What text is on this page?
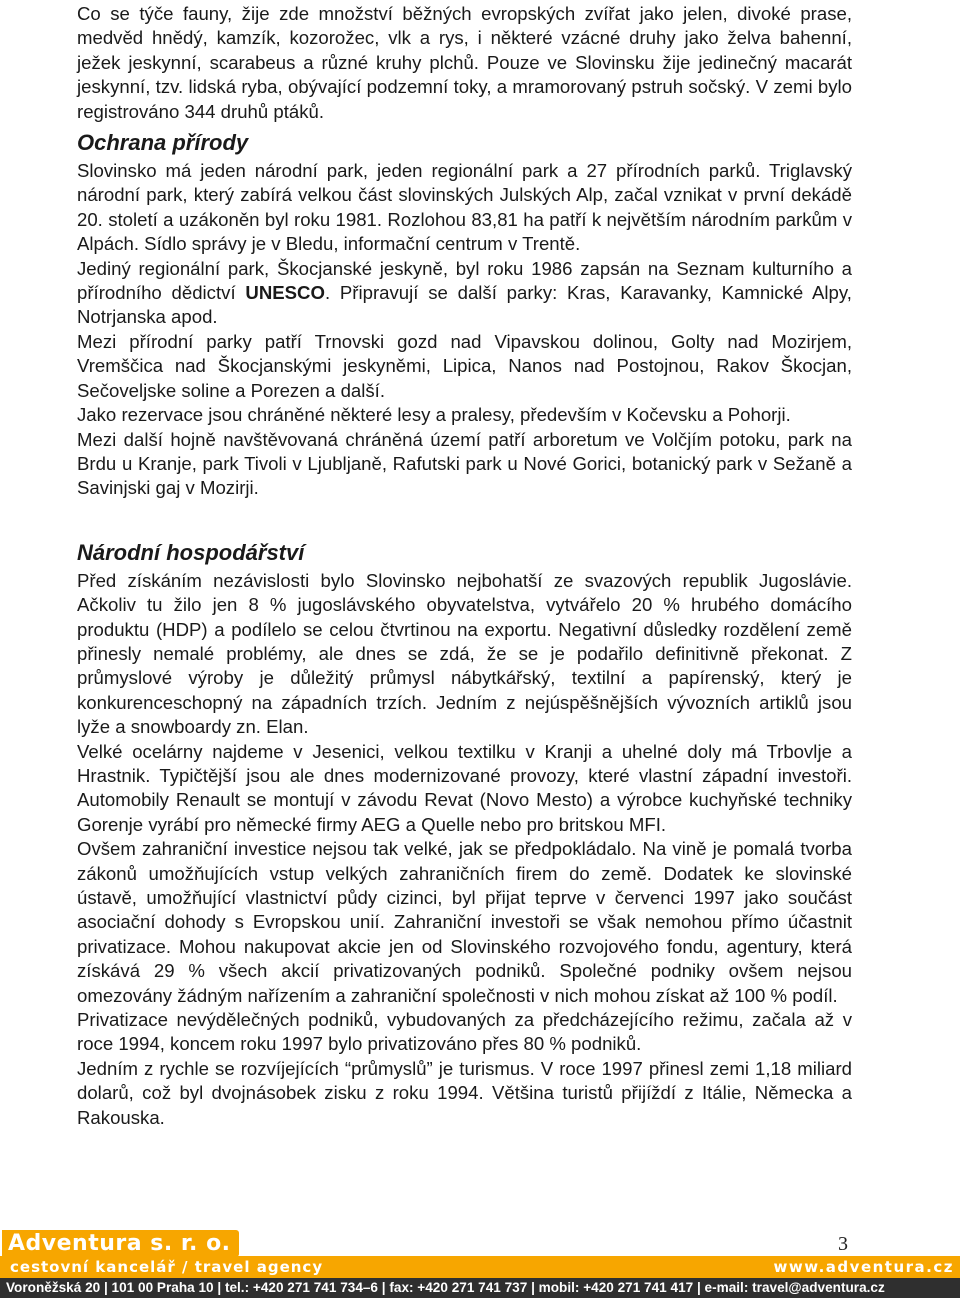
Co se týče fauny, žije zde množství běžných evropských zvířat jako jelen, divoké prase, medvěd hnědý, kamzík, kozorožec, vlk a rys, i některé vzácné druhy jako želva bahenní, ježek jeskynní, scarabeus a různé kruhy plchů. Pouze ve Slovinsku žije jedinečný macarát jeskynní, tzv. lidská ryba, obývající podzemní toky, a mramorovaný pstruh sočský. V zemi bylo registrováno 344 druhů ptáků.

Ochrana přírody

Slovinsko má jeden národní park, jeden regionální park a 27 přírodních parků. Triglavský národní park, který zabírá velkou část slovinských Julských Alp, začal vznikat v první dekádě 20. století a uzákoněn byl roku 1981. Rozlohou 83,81 ha patří k největším národním parkům v Alpách. Sídlo správy je v Bledu, informační centrum v Trentě.

Jediný regionální park, Škocjanské jeskyně, byl roku 1986 zapsán na Seznam kulturního a přírodního dědictví UNESCO. Připravují se další parky: Kras, Karavanky, Kamnické Alpy, Notrjanska apod.

Mezi přírodní parky patří Trnovski gozd nad Vipavskou dolinou, Golty nad Mozirjem, Vremščica nad Škocjanskými jeskyněmi, Lipica, Nanos nad Postojnou, Rakov Škocjan, Sečoveljske soline a Porezen a další.

Jako rezervace jsou chráněné některé lesy a pralesy, především v Kočevsku a Pohorji.

Mezi další hojně navštěvovaná chráněná území patří arboretum ve Volčjím potoku, park na Brdu u Kranje, park Tivoli v Ljubljaně, Rafutski park u Nové Gorici, botanický park v Sežaně a Savinjski gaj v Mozirji.

Národní hospodářství

Před získáním nezávislosti bylo Slovinsko nejbohatší ze svazových republik Jugoslávie. Ačkoliv tu žilo jen 8 % jugoslávského obyvatelstva, vytvářelo 20 % hrubého domácího produktu (HDP) a podílelo se celou čtvrtinou na exportu. Negativní důsledky rozdělení země přinesly nemalé problémy, ale dnes se zdá, že se je podařilo definitivně překonat. Z průmyslové výroby je důležitý průmysl nábytkářský, textilní a papírenský, který je konkurenceschopný na západních trzích. Jedním z nejúspěšnějších vývozních artiklů jsou lyže a snowboardy zn. Elan.

Velké ocelárny najdeme v Jesenici, velkou textilku v Kranji a uhelné doly má Trbovlje a Hrastnik. Typičtější jsou ale dnes modernizované provozy, které vlastní západní investoři. Automobily Renault se montují v závodu Revat (Novo Mesto) a výrobce kuchyňské techniky Gorenje vyrábí pro německé firmy AEG a Quelle nebo pro britskou MFI.

Ovšem zahraniční investice nejsou tak velké, jak se předpokládalo. Na vině je pomalá tvorba zákonů umožňujících vstup velkých zahraničních firem do země. Dodatek ke slovinské ústavě, umožňující vlastnictví půdy cizinci, byl přijat teprve v červenci 1997 jako součást asociační dohody s Evropskou unií. Zahraniční investoři se však nemohou přímo účastnit privatizace. Mohou nakupovat akcie jen od Slovinského rozvojového fondu, agentury, která získává 29 % všech akcií privatizovaných podniků. Společné podniky ovšem nejsou omezovány žádným nařízením a zahraniční společnosti v nich mohou získat až 100 % podíl.

Privatizace nevýdělečných podniků, vybudovaných za předcházejícího režimu, začala až v roce 1994, koncem roku 1997 bylo privatizováno přes 80 % podniků.

Jedním z rychle se rozvíjejících “průmyslů” je turismus. V roce 1997 přinesl zemi 1,18 miliard dolarů, což byl dvojnásobek zisku z roku 1994. Většina turistů přijíždí z Itálie, Německa a Rakouska.

3
Adventura s. r. o.
cestovní kancelář / travel agency	www.adventura.cz
Voroněžská 20 | 101 00 Praha 10 | tel.: +420 271 741 734–6 | fax: +420 271 741 737 | mobil: +420 271 741 417 | e-mail: travel@adventura.cz
